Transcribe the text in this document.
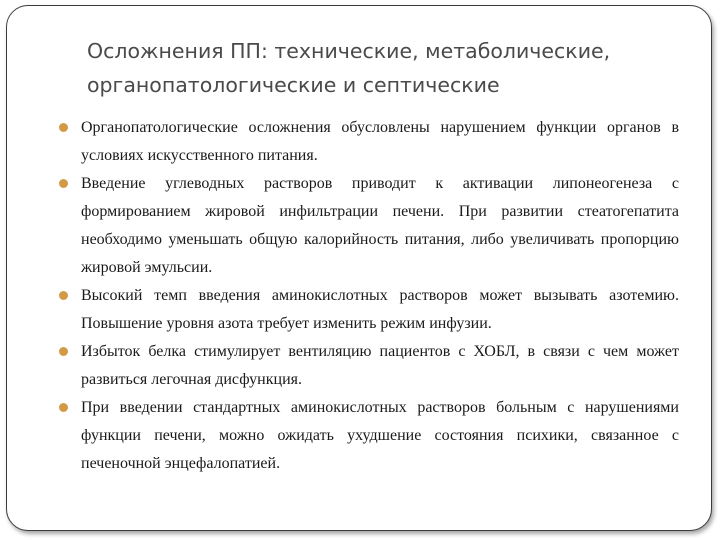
Осложнения ПП: технические, метаболические, органопатологические и септические
Органопатологические осложнения обусловлены нарушением функции органов в условиях искусственного питания.
Введение углеводных растворов приводит к активации липонеогенеза с формированием жировой инфильтрации печени. При развитии стеатогепатита необходимо уменьшать общую калорийность питания, либо увеличивать пропорцию жировой эмульсии.
Высокий темп введения аминокислотных растворов может вызывать азотемию. Повышение уровня азота требует изменить режим инфузии.
Избыток белка стимулирует вентиляцию пациентов с ХОБЛ, в связи с чем может развиться легочная дисфункция.
При введении стандартных аминокислотных растворов больным с нарушениями функции печени, можно ожидать ухудшение состояния психики, связанное с печеночной энцефалопатией.
